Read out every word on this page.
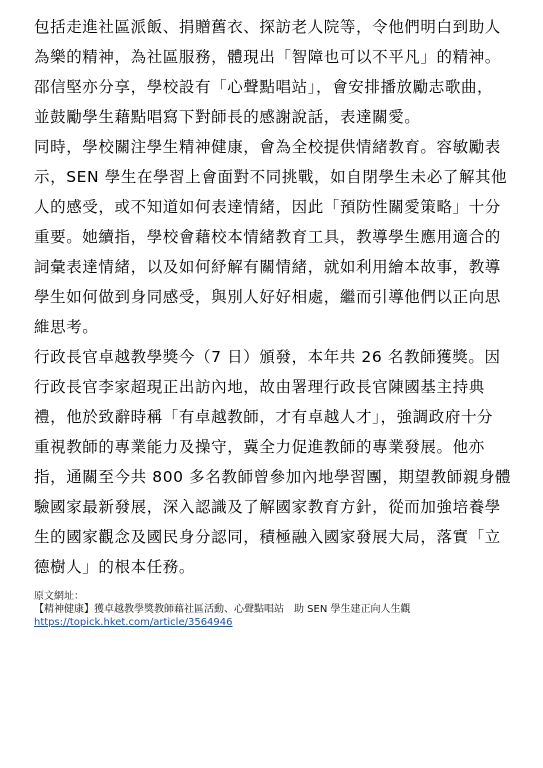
包括走進社區派飯、捐贈舊衣、探訪老人院等，令他們明白到助人
為樂的精神，為社區服務，體現出「智障也可以不平凡」的精神。
邵信堅亦分享，學校設有「心聲點唱站」，會安排播放勵志歌曲，
並鼓勵學生藉點唱寫下對師長的感謝說話，表達關愛。

同時，學校關注學生精神健康，會為全校提供情緒教育。容敏勵表
示，SEN 學生在學習上會面對不同挑戰，如自閉學生未必了解其他
人的感受，或不知道如何表達情緒，因此「預防性關愛策略」十分
重要。她續指，學校會藉校本情緒教育工具，教導學生應用適合的
詞彙表達情緒，以及如何紓解有關情緒，就如利用繪本故事，教導
學生如何做到身同感受，與別人好好相處，繼而引導他們以正向思
維思考。

行政長官卓越教學獎今（7 日）頒發，本年共 26 名教師獲獎。因
行政長官李家超現正出訪內地，故由署理行政長官陳國基主持典
禮，他於致辭時稱「有卓越教師，才有卓越人才」，強調政府十分
重視教師的專業能力及操守，冀全力促進教師的專業發展。他亦
指，通關至今共 800 多名教師曾參加內地學習團，期望教師親身體
驗國家最新發展，深入認識及了解國家教育方針，從而加強培養學
生的國家觀念及國民身分認同，積極融入國家發展大局，落實「立
德樹人」的根本任務。

原文網址：
【精神健康】獲卓越教學獎教師藉社區活動、心聲點唱站　助 SEN 學生建正向人生觀
https://topick.hket.com/article/3564946
